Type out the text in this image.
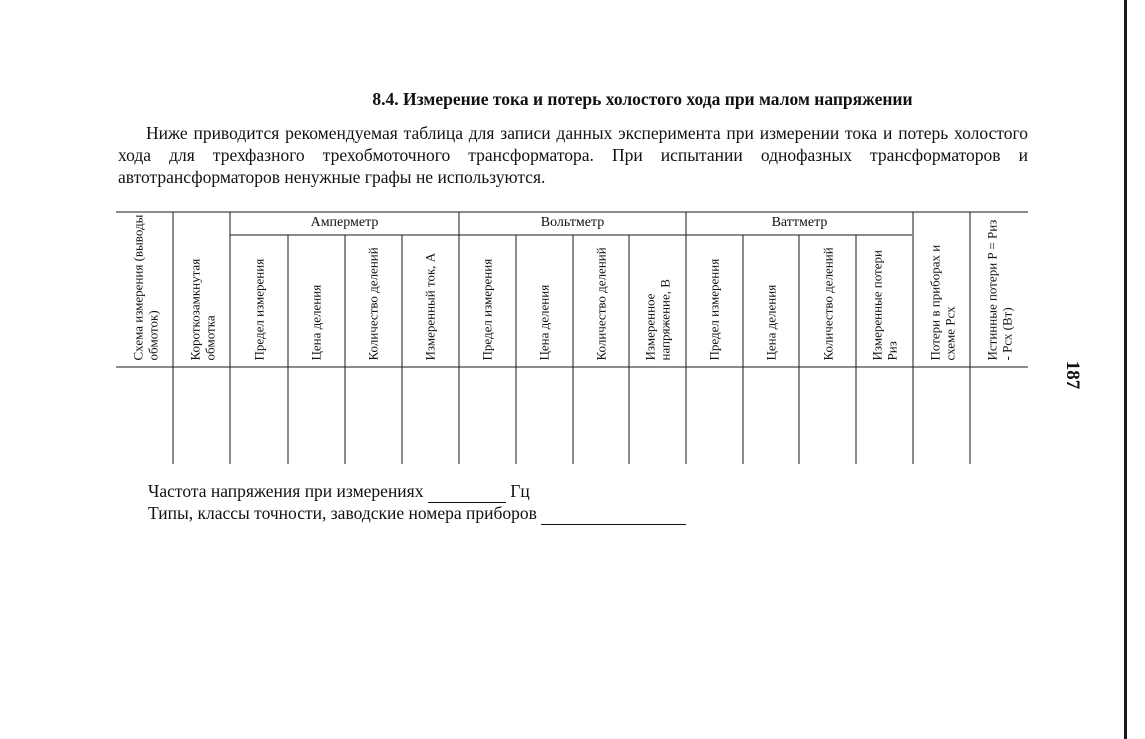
187
8.4. Измерение тока и потерь холостого хода при малом напряжении

Ниже приводится рекомендуемая таблица для записи данных эксперимента при измерении тока и потерь холостого хода для трехфазного трехобмоточного трансформатора. При испытании однофазных трансформаторов и автотрансформаторов ненужные графы не используются.

Амперметр	Вольтметр	Ваттметр
Схема измерения (выводы обмоток)	Короткозамкнутая обмотка	Предел измерения	Цена деления	Количество делений	Измеренный ток, А	Предел измерения	Цена деления	Количество делений	Измеренное напряжение, В	Предел измерения	Цена деления	Количество делений	Измеренные потери Pиз	Потери в приборах и схеме Pсх	Истинные потери P = Pиз - Pсх (Вт)
Частота напряжения при измерениях	Гц
Типы, классы точности, заводские номера приборов
